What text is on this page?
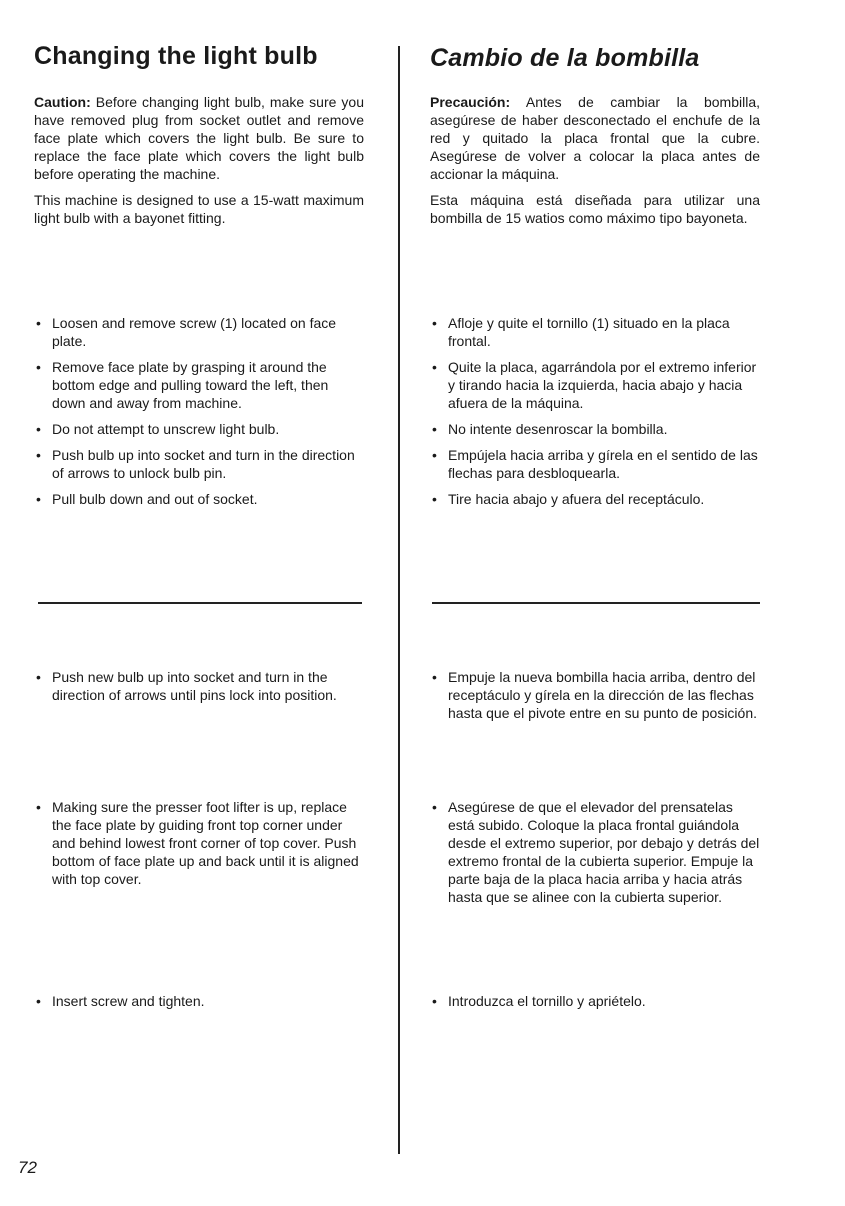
Changing the light bulb

Caution: Before changing light bulb, make sure you have removed plug from socket outlet and remove face plate which covers the light bulb. Be sure to replace the face plate which covers the light bulb before operating the machine.

This machine is designed to use a 15-watt maximum light bulb with a bayonet fitting.

• Loosen and remove screw (1) located on face plate.
• Remove face plate by grasping it around the bottom edge and pulling toward the left, then down and away from machine.
• Do not attempt to unscrew light bulb.
• Push bulb up into socket and turn in the direction of arrows to unlock bulb pin.
• Pull bulb down and out of socket.
• Push new bulb up into socket and turn in the direction of arrows until pins lock into position.
• Making sure the presser foot lifter is up, replace the face plate by guiding front top corner under and behind lowest front corner of top cover. Push bottom of face plate up and back until it is aligned with top cover.
• Insert screw and tighten.
Cambio de la bombilla

Precaución: Antes de cambiar la bombilla, asegúrese de haber desconectado el enchufe de la red y quitado la placa frontal que la cubre. Asegúrese de volver a colocar la placa antes de accionar la máquina.

Esta máquina está diseñada para utilizar una bombilla de 15 watios como máximo tipo bayoneta.

• Afloje y quite el tornillo (1) situado en la placa frontal.
• Quite la placa, agarrándola por el extremo inferior y tirando hacia la izquierda, hacia abajo y hacia afuera de la máquina.
• No intente desenroscar la bombilla.
• Empújela hacia arriba y gírela en el sentido de las flechas para desbloquearla.
• Tire hacia abajo y afuera del receptáculo.
• Empuje la nueva bombilla hacia arriba, dentro del receptáculo y gírela en la dirección de las flechas hasta que el pivote entre en su punto de posición.
• Asegúrese de que el elevador del prensatelas está subido. Coloque la placa frontal guiándola desde el extremo superior, por debajo y detrás del extremo frontal de la cubierta superior. Empuje la parte baja de la placa hacia arriba y hacia atrás hasta que se alinee con la cubierta superior.
• Introduzca el tornillo y apriételo.
72
